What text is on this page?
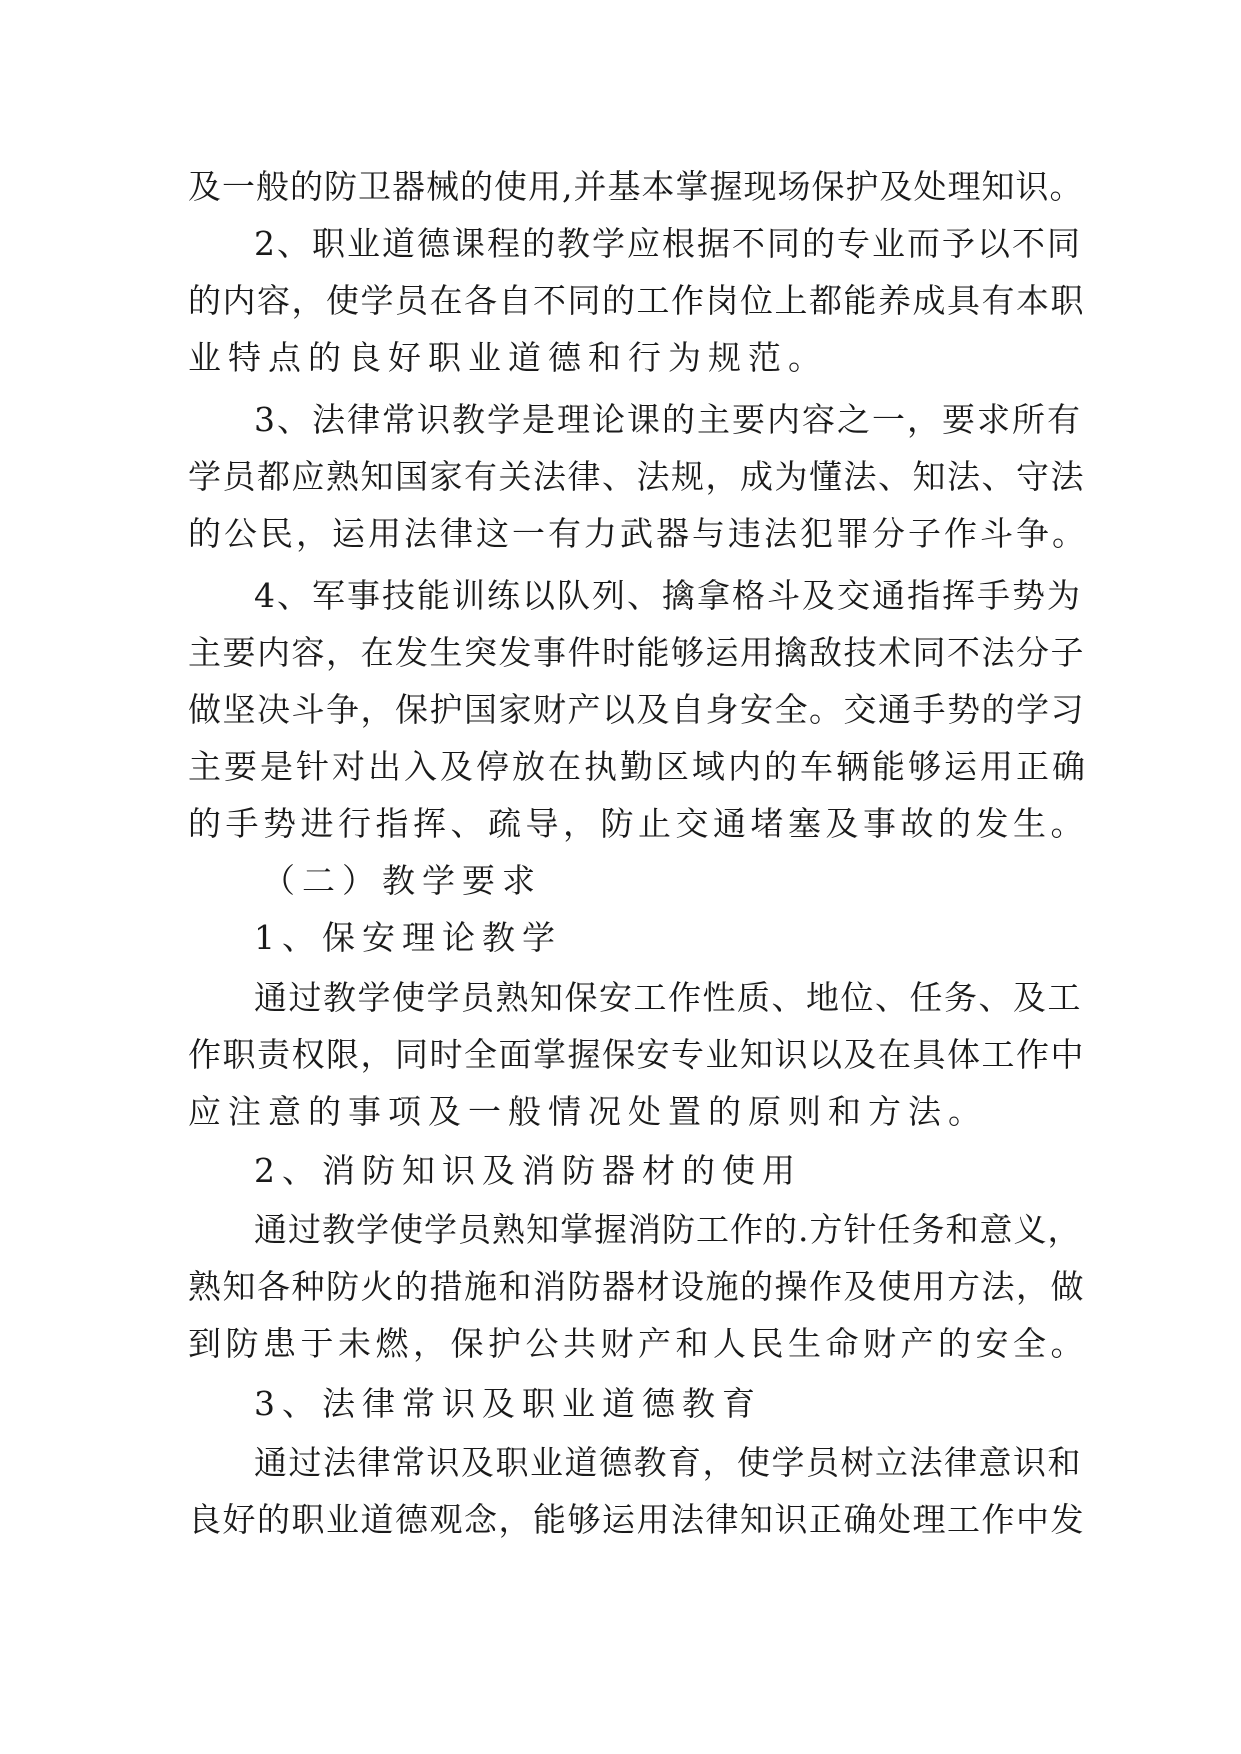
及一般的防卫器械的使用,并基本掌握现场保护及处理知识。
2、职业道德课程的教学应根据不同的专业而予以不同
的内容，使学员在各自不同的工作岗位上都能养成具有本职
业特点的良好职业道德和行为规范。
3、法律常识教学是理论课的主要内容之一，要求所有
学员都应熟知国家有关法律、法规，成为懂法、知法、守法
的公民，运用法律这一有力武器与违法犯罪分子作斗争。
4、军事技能训练以队列、擒拿格斗及交通指挥手势为
主要内容，在发生突发事件时能够运用擒敌技术同不法分子
做坚决斗争，保护国家财产以及自身安全。交通手势的学习
主要是针对出入及停放在执勤区域内的车辆能够运用正确
的手势进行指挥、疏导，防止交通堵塞及事故的发生。
（二）教学要求
1、保安理论教学
通过教学使学员熟知保安工作性质、地位、任务、及工
作职责权限，同时全面掌握保安专业知识以及在具体工作中
应注意的事项及一般情况处置的原则和方法。
2、消防知识及消防器材的使用
通过教学使学员熟知掌握消防工作的.方针任务和意义，
熟知各种防火的措施和消防器材设施的操作及使用方法，做
到防患于未燃，保护公共财产和人民生命财产的安全。
3、法律常识及职业道德教育
通过法律常识及职业道德教育，使学员树立法律意识和
良好的职业道德观念，能够运用法律知识正确处理工作中发
